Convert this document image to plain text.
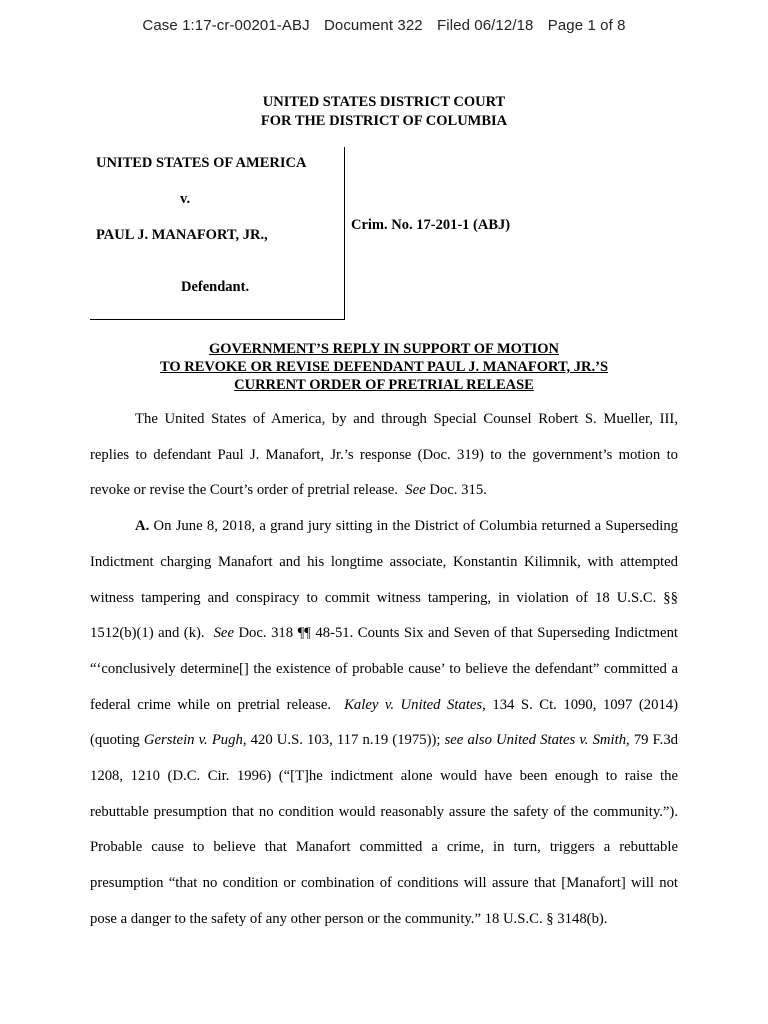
Case 1:17-cr-00201-ABJ Document 322 Filed 06/12/18 Page 1 of 8
UNITED STATES DISTRICT COURT
FOR THE DISTRICT OF COLUMBIA
UNITED STATES OF AMERICA
v.
PAUL J. MANAFORT, JR.,
Defendant.
Crim. No. 17-201-1 (ABJ)
GOVERNMENT’S REPLY IN SUPPORT OF MOTION
TO REVOKE OR REVISE DEFENDANT PAUL J. MANAFORT, JR.’S
CURRENT ORDER OF PRETRIAL RELEASE

The United States of America, by and through Special Counsel Robert S. Mueller, III, replies to defendant Paul J. Manafort, Jr.’s response (Doc. 319) to the government’s motion to revoke or revise the Court’s order of pretrial release. See Doc. 315.

A. On June 8, 2018, a grand jury sitting in the District of Columbia returned a Superseding Indictment charging Manafort and his longtime associate, Konstantin Kilimnik, with attempted witness tampering and conspiracy to commit witness tampering, in violation of 18 U.S.C. §§ 1512(b)(1) and (k). See Doc. 318 ¶¶ 48-51. Counts Six and Seven of that Superseding Indictment “‘conclusively determine[] the existence of probable cause’ to believe the defendant” committed a federal crime while on pretrial release. Kaley v. United States, 134 S. Ct. 1090, 1097 (2014) (quoting Gerstein v. Pugh, 420 U.S. 103, 117 n.19 (1975)); see also United States v. Smith, 79 F.3d 1208, 1210 (D.C. Cir. 1996) (“[T]he indictment alone would have been enough to raise the rebuttable presumption that no condition would reasonably assure the safety of the community.”). Probable cause to believe that Manafort committed a crime, in turn, triggers a rebuttable presumption “that no condition or combination of conditions will assure that [Manafort] will not pose a danger to the safety of any other person or the community.” 18 U.S.C. § 3148(b).
